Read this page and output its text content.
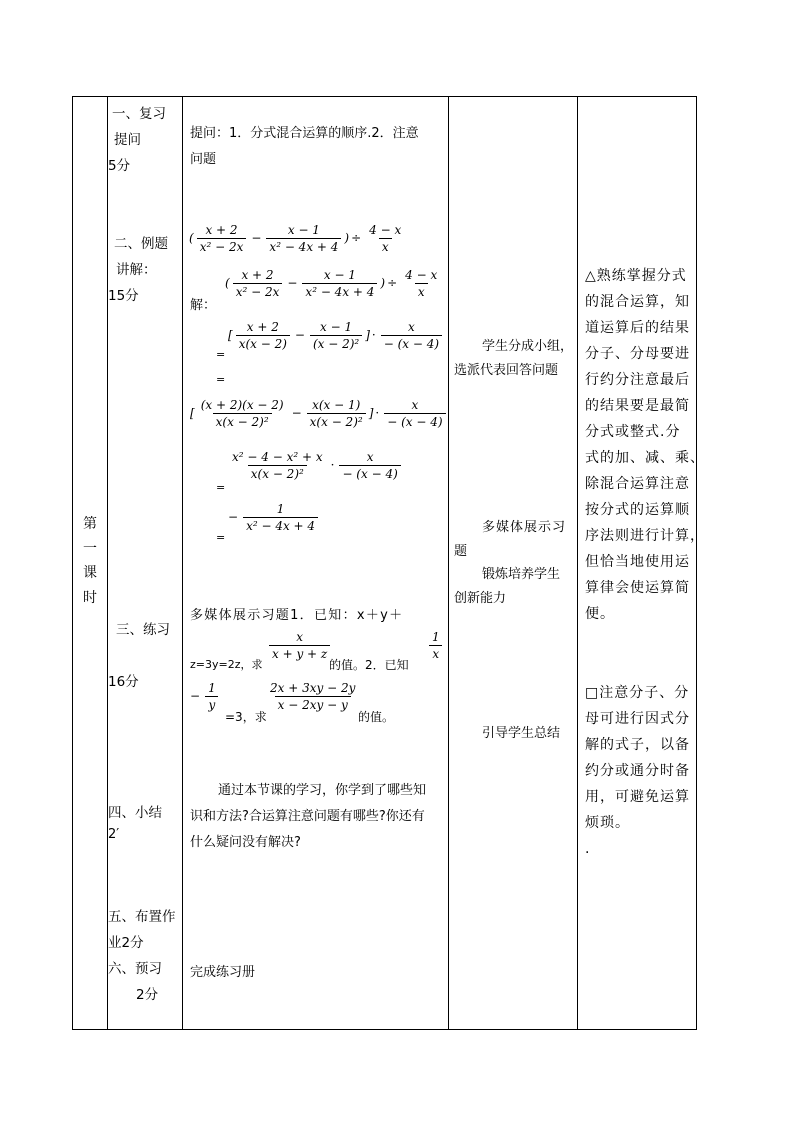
第
一
课
时
一、复习
提问
5分
二、例题
讲解：
15分
三、练习
16分
四、小结
2′
五、布置作
业2分
六、预习
2分
提问：1．分式混合运算的顺序.2．注意
问题
( $\frac{x + 2}{\text{x² − 2x}} - \frac{x - 1}{\text{x² − 4x + 4}}$ ) ÷ $\frac{4 - x}{x}$
解：
( $\frac{x + 2}{\text{x² − 2x}} - \frac{x - 1}{\text{x² − 4x + 4}}$ ) ÷ $\frac{4 - x}{x}$
=
[ $\frac{x + 2}{x(x - 2)} - \frac{x - 1}{\text{(x − 2)²}}$ ] · $\frac{x}{- (x - 4)}$
=
[ $\frac{(x + 2)(x - 2)}{\text{x(x − 2)²}} - \frac{x(x - 1)}{\text{x(x − 2)²}}$ ] · $\frac{x}{- (x - 4)}$
=
$\frac{\text{x² − 4 − x² + x}}{\text{x(x − 2)²}} \cdot \frac{x}{- (x - 4)}$
=
− $\frac{1}{\text{x² − 4x + 4}}$
多媒体展示习题1．已知：x＋y＋
$\frac{1}{x}$
z=3y=2z，求
$\frac{x}{x + y + z}$
的值。2．已知
− $\frac{1}{y}$
=3，求
$\frac{2x + 3xy - 2y}{x - 2xy - y}$
的值。
通过本节课的学习，你学到了哪些知
识和方法?合运算注意问题有哪些?你还有
什么疑问没有解决?
完成练习册
学生分成小组，
选派代表回答问题
多媒体展示习
题
锻炼培养学生
创新能力
引导学生总结
△熟练掌握分式
的混合运算，知
道运算后的结果
分子、分母要进
行约分注意最后
的结果要是最简
分式或整式.分
式的加、减、乘、
除混合运算注意
按分式的运算顺
序法则进行计算，
但恰当地使用运
算律会使运算简
便。
□注意分子、分
母可进行因式分
解的式子，以备
约分或通分时备
用，可避免运算
烦琐。
.
